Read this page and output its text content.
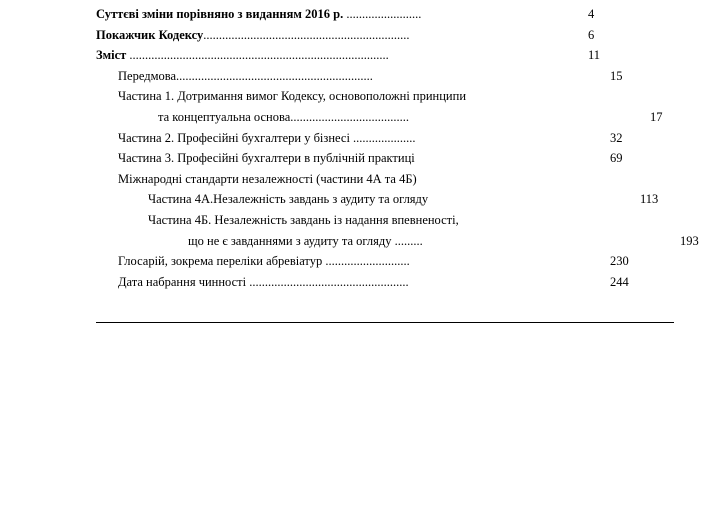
Суттєві зміни порівняно з виданням 2016 р. ........................	4
Покажчик Кодексу ..................................................................	6
Зміст ...................................................................................	11
Передмова ...............................................................	15
Частина 1. Дотримання вимог Кодексу, основоположні принципи
та концептуальна основа ......................................	17
Частина 2. Професійні бухгалтери у бізнесі ....................	32
Частина 3. Професійні бухгалтери в публічній практиці	69
Міжнародні стандарти незалежності (частини 4А та 4Б)
Частина 4А.Незалежність завдань з аудиту та огляду	113
Частина 4Б. Незалежність завдань із надання впевненості,
що не є завданнями з аудиту та огляду .........	193
Глосарій, зокрема переліки абревіатур ...........................	230
Дата набрання чинності ...................................................	244
